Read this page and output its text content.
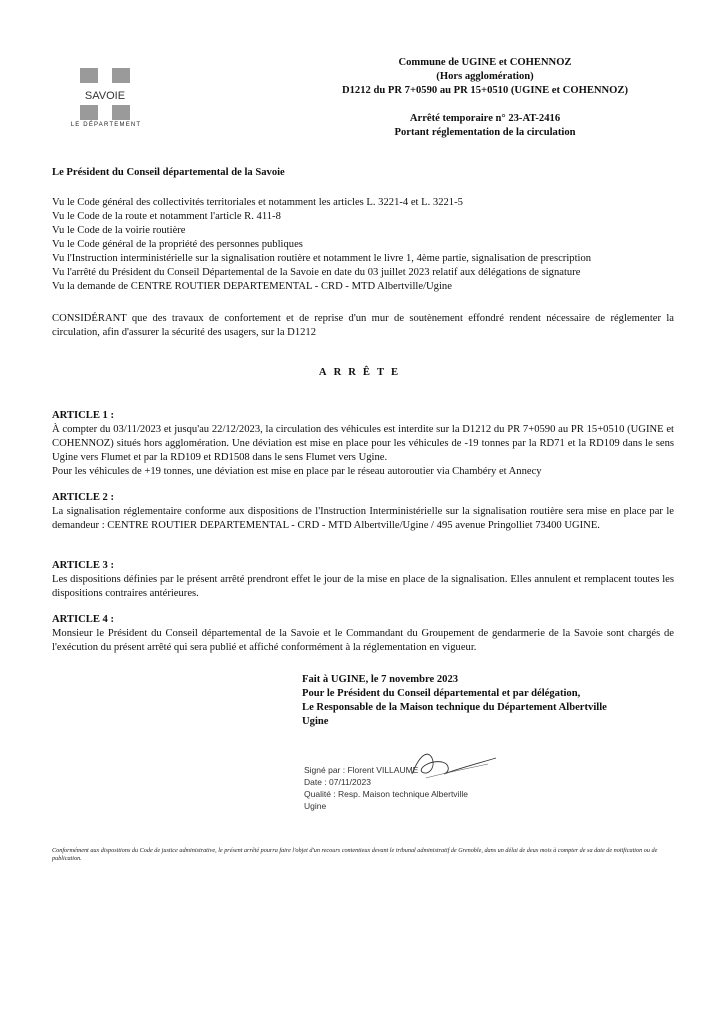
SAVOIE
LE DÉPARTEMENT
Commune de UGINE et COHENNOZ
(Hors agglomération)
D1212 du PR 7+0590 au PR 15+0510 (UGINE et COHENNOZ)
Arrêté temporaire n° 23-AT-2416
Portant réglementation de la circulation
Le Président du Conseil départemental de la Savoie
Vu le Code général des collectivités territoriales et notamment les articles L. 3221-4 et L. 3221-5
Vu le Code de la route et notamment l'article R. 411-8
Vu le Code de la voirie routière
Vu le Code général de la propriété des personnes publiques
Vu l'Instruction interministérielle sur la signalisation routière et notamment le livre 1, 4ème partie, signalisation de prescription
Vu l'arrêté du Président du Conseil Départemental de la Savoie en date du 03 juillet 2023 relatif aux délégations de signature
Vu la demande de CENTRE ROUTIER DEPARTEMENTAL - CRD - MTD Albertville/Ugine
CONSIDÉRANT que des travaux de confortement et de reprise d'un mur de soutènement effondré rendent nécessaire de réglementer la circulation, afin d'assurer la sécurité des usagers, sur la D1212
ARRÊTE
ARTICLE 1 :

À compter du 03/11/2023 et jusqu'au 22/12/2023, la circulation des véhicules est interdite sur la D1212 du PR 7+0590 au PR 15+0510 (UGINE et COHENNOZ) situés hors agglomération. Une déviation est mise en place pour les véhicules de -19 tonnes par la RD71 et la RD109 dans le sens Ugine vers Flumet et par la RD109 et RD1508 dans le sens Flumet vers Ugine.

Pour les véhicules de +19 tonnes, une déviation est mise en place par le réseau autoroutier via Chambéry et Annecy

ARTICLE 2 :

La signalisation réglementaire conforme aux dispositions de l'Instruction Interministérielle sur la signalisation routière sera mise en place par le demandeur : CENTRE ROUTIER DEPARTEMENTAL - CRD - MTD Albertville/Ugine / 495 avenue Pringolliet 73400 UGINE.

ARTICLE 3 :

Les dispositions définies par le présent arrêté prendront effet le jour de la mise en place de la signalisation. Elles annulent et remplacent toutes les dispositions contraires antérieures.

ARTICLE 4 :

Monsieur le Président du Conseil départemental de la Savoie et le Commandant du Groupement de gendarmerie de la Savoie sont chargés de l'exécution du présent arrêté qui sera publié et affiché conformément à la réglementation en vigueur.

Fait à UGINE, le 7 novembre 2023
Pour le Président du Conseil départemental et par délégation,
Le Responsable de la Maison technique du Département Albertville
Ugine
Signé par : Florent VILLAUME
Date : 07/11/2023
Qualité : Resp. Maison technique Albertville
Ugine
Conformément aux dispositions du Code de justice administrative, le présent arrêté pourra faire l'objet d'un recours contentieux devant le tribunal administratif de Grenoble, dans un délai de deux mois à compter de sa date de notification ou de publication.
